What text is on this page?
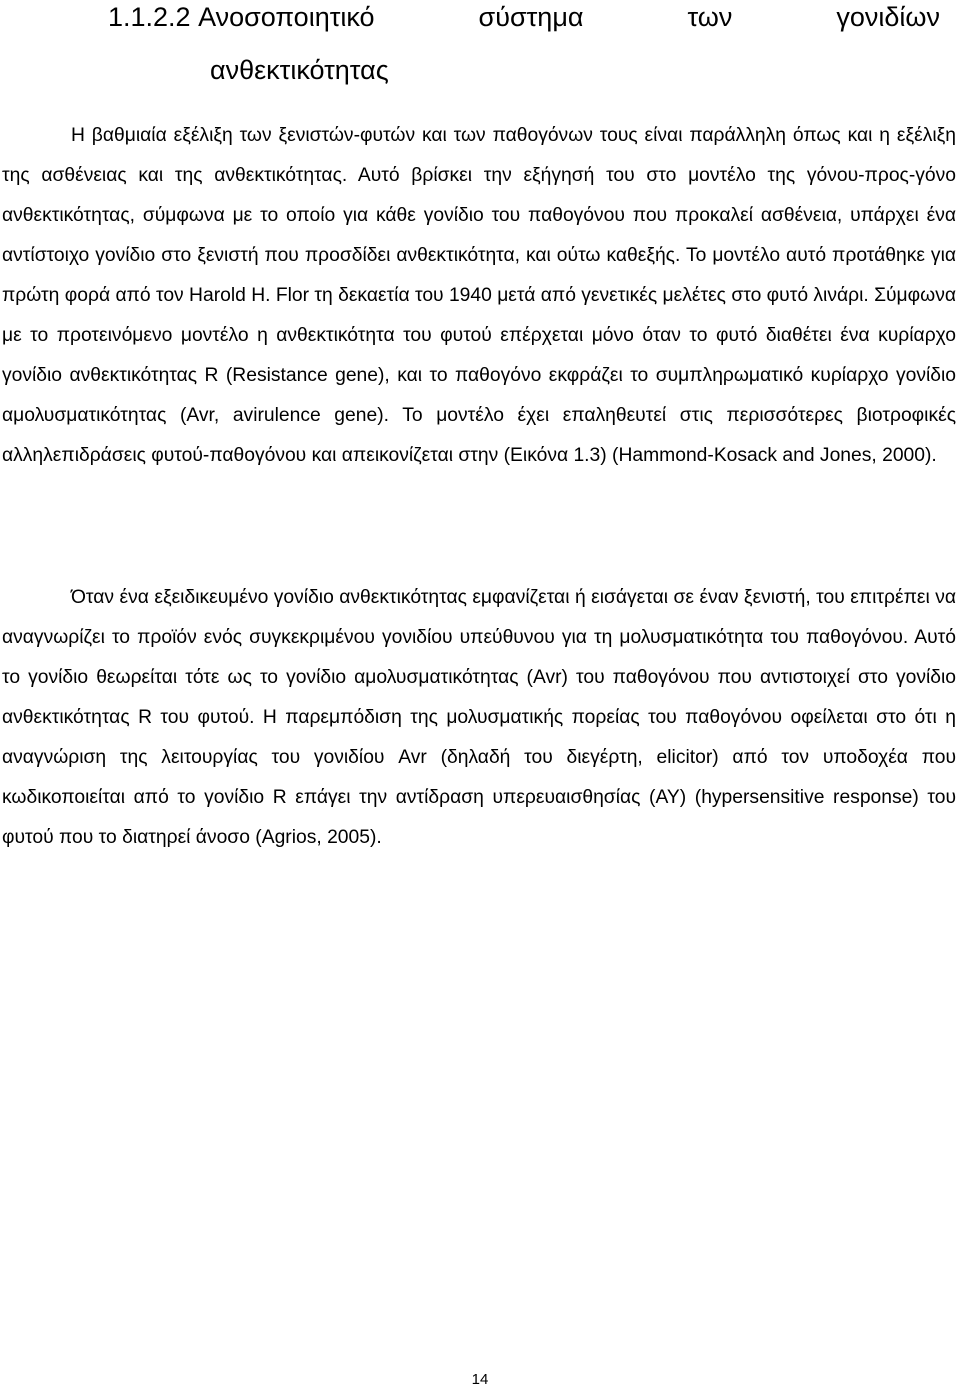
1.1.2.2 Ανοσοποιητικό	σύστημα	των	γονιδίων
ανθεκτικότητας

Η βαθμιαία εξέλιξη των ξενιστών-φυτών και των παθογόνων τους είναι παράλληλη όπως και η εξέλιξη της ασθένειας και της ανθεκτικότητας. Αυτό βρίσκει την εξήγησή του στο μοντέλο της γόνου-προς-γόνο ανθεκτικότητας, σύμφωνα με το οποίο για κάθε γονίδιο του παθογόνου που προκαλεί ασθένεια, υπάρχει ένα αντίστοιχο γονίδιο στο ξενιστή που προσδίδει ανθεκτικότητα, και ούτω καθεξής. Το μοντέλο αυτό προτάθηκε για πρώτη φορά από τον Harold H. Flor τη δεκαετία του 1940 μετά από γενετικές μελέτες στο φυτό λινάρι. Σύμφωνα με το προτεινόμενο μοντέλο η ανθεκτικότητα του φυτού επέρχεται μόνο όταν το φυτό διαθέτει ένα κυρίαρχο γονίδιο ανθεκτικότητας R (Resistance gene), και το παθογόνο εκφράζει το συμπληρωματικό κυρίαρχο γονίδιο αμολυσματικότητας (Avr, avirulence gene). Το μοντέλο έχει επαληθευτεί στις περισσότερες βιοτροφικές αλληλεπιδράσεις φυτού-παθογόνου και απεικονίζεται στην (Εικόνα 1.3) (Hammond-Kosack and Jones, 2000).

Όταν ένα εξειδικευμένο γονίδιο ανθεκτικότητας εμφανίζεται ή εισάγεται σε έναν ξενιστή, του επιτρέπει να αναγνωρίζει το προϊόν ενός συγκεκριμένου γονιδίου υπεύθυνου για τη μολυσματικότητα του παθογόνου. Αυτό το γονίδιο θεωρείται τότε ως το γονίδιο αμολυσματικότητας (Avr) του παθογόνου που αντιστοιχεί στο γονίδιο ανθεκτικότητας R του φυτού. Η παρεμπόδιση της μολυσματικής πορείας του παθογόνου οφείλεται στο ότι η αναγνώριση της λειτουργίας του γονιδίου Avr (δηλαδή του διεγέρτη, elicitor) από τον υποδοχέα που κωδικοποιείται από το γονίδιο R επάγει την αντίδραση υπερευαισθησίας (ΑΥ) (hypersensitive response) του φυτού που το διατηρεί άνοσο (Agrios, 2005).

14
